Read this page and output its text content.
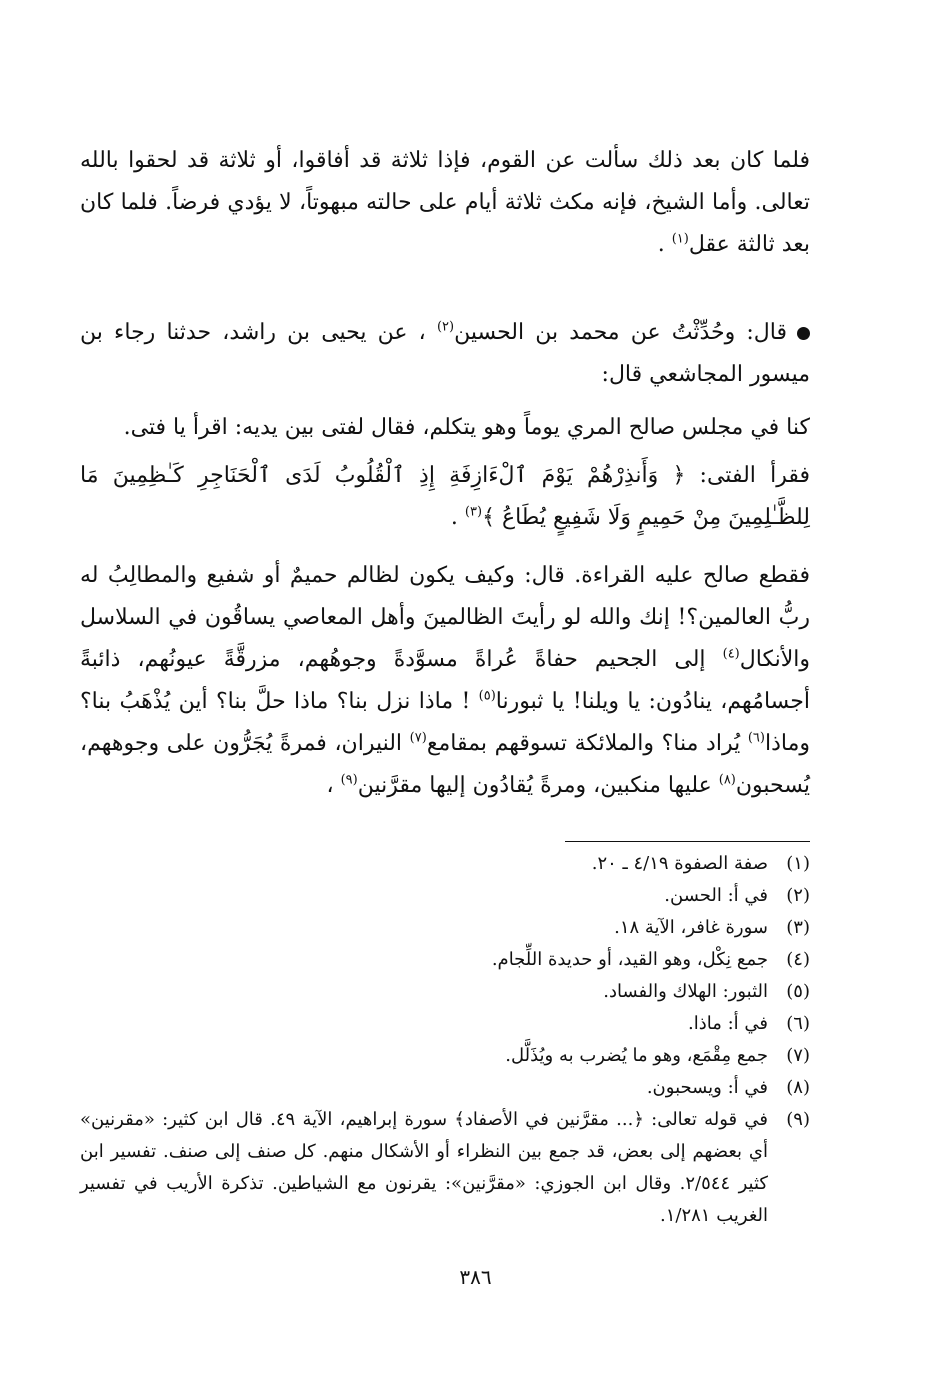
فلما كان بعد ذلك سألت عن القوم، فإذا ثلاثة قد أفاقوا، أو ثلاثة قد لحقوا بالله تعالى. وأما الشيخ، فإنه مكث ثلاثة أيام على حالته مبهوتاً، لا يؤدي فرضاً. فلما كان بعد ثالثة عقل$^{(١)}$ .

قال: وحُدِّثْتُ عن محمد بن الحسين$^{(٢)}$ ، عن يحيى بن راشد، حدثنا رجاء بن ميسور المجاشعي قال:

كنا في مجلس صالح المري يوماً وهو يتكلم، فقال لفتى بين يديه: اقرأ يا فتى.

فقرأ الفتى: ﴿ وَأَنذِرْهُمْ يَوْمَ ٱلْءَازِفَةِ إِذِ ٱلْقُلُوبُ لَدَى ٱلْحَنَاجِرِ كَـٰظِمِينَ مَا لِلظَّـٰلِمِينَ مِنْ حَمِيمٍ وَلَا شَفِيعٍ يُطَاعُ ﴾$^{(٣)}$ .

فقطع صالح عليه القراءة. قال: وكيف يكون لظالم حميمٌ أو شفيع والمطالِبُ له ربُّ العالمين؟! إنك والله لو رأيتَ الظالمينَ وأهل المعاصي يساقُون في السلاسل والأنكال$^{(٤)}$ إلى الجحيم حفاةً عُراةً مسوَّدةً وجوهُهم، مزرقَّةً عيونُهم، ذائبةً أجسامُهم، ينادُون: يا ويلنا! يا ثبورنا$^{(٥)}$ ! ماذا نزل بنا؟ ماذا حلَّ بنا؟ أين يُذْهَبُ بنا؟ وماذا$^{(٦)}$ يُراد منا؟ والملائكة تسوقهم بمقامع$^{(٧)}$ النيران، فمرةً يُجَرُّون على وجوههم، يُسحبون$^{(٨)}$ عليها منكبين، ومرةً يُقادُون إليها مقرَّنين$^{(٩)}$ ،

(١)
صفة الصفوة ٤/١٩ ـ ٢٠.
(٢)
في أ: الحسن.
(٣)
سورة غافر، الآية ١٨.
(٤)
جمع نِكْل، وهو القيد، أو حديدة اللِّجام.
(٥)
الثبور: الهلاك والفساد.
(٦)
في أ: ماذا.
(٧)
جمع مِقْمَع، وهو ما يُضرب به ويُذَلَّل.
(٨)
في أ: ويسحبون.
(٩)
في قوله تعالى: ﴿... مقرَّنين في الأصفاد﴾ سورة إبراهيم، الآية ٤٩. قال ابن كثير: «مقرنين» أي بعضهم إلى بعض، قد جمع بين النظراء أو الأشكال منهم. كل صنف إلى صنف. تفسير ابن كثير ٢/٥٤٤. وقال ابن الجوزي: «مقرَّنين»: يقرنون مع الشياطين. تذكرة الأريب في تفسير الغريب ١/٢٨١.
٣٨٦
